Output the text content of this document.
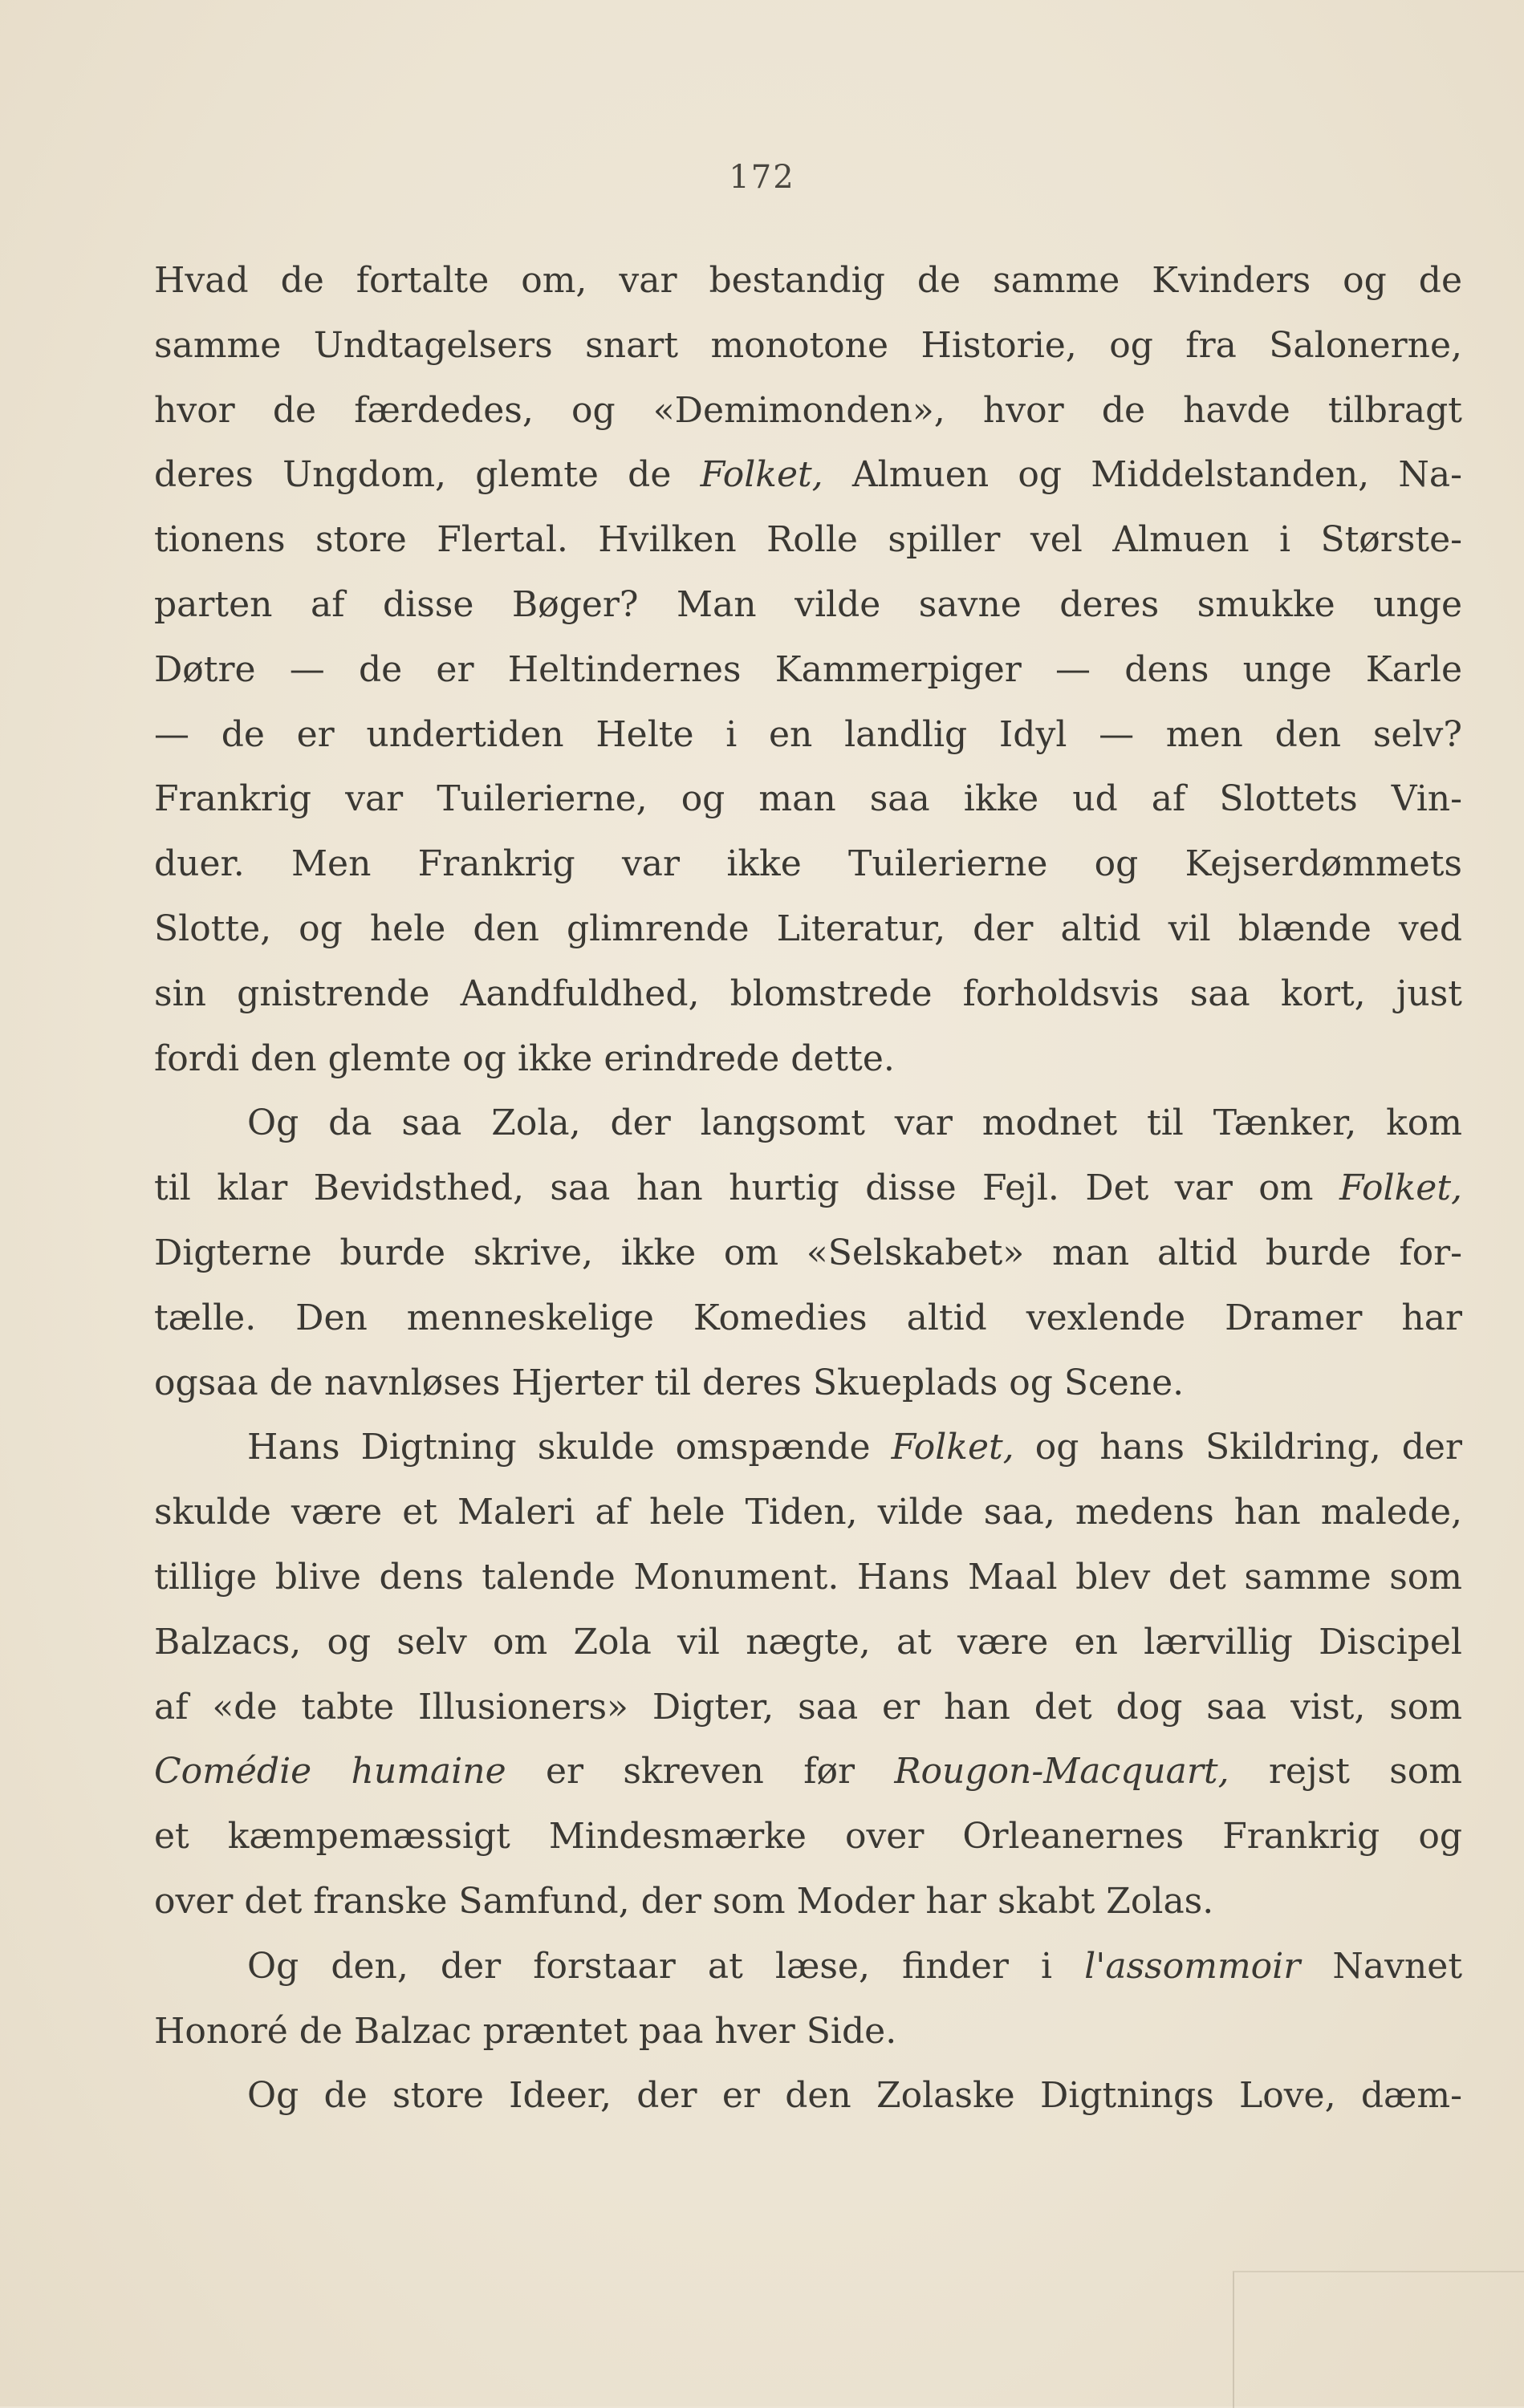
172
Hvad de fortalte om, var bestandig de samme Kvinders og de
samme Undtagelsers snart monotone Historie, og fra Salonerne,
hvor de færdedes, og «Demimonden», hvor de havde tilbragt
deres Ungdom, glemte de Folket, Almuen og Middelstanden, Na-
tionens store Flertal. Hvilken Rolle spiller vel Almuen i Største-
parten af disse Bøger? Man vilde savne deres smukke unge
Døtre — de er Heltindernes Kammerpiger — dens unge Karle
— de er undertiden Helte i en landlig Idyl — men den selv?
Frankrig var Tuilerierne, og man saa ikke ud af Slottets Vin-
duer. Men Frankrig var ikke Tuilerierne og Kejserdømmets
Slotte, og hele den glimrende Literatur, der altid vil blænde ved
sin gnistrende Aandfuldhed, blomstrede forholdsvis saa kort, just
fordi den glemte og ikke erindrede dette.
Og da saa Zola, der langsomt var modnet til Tænker, kom
til klar Bevidsthed, saa han hurtig disse Fejl. Det var om Folket,
Digterne burde skrive, ikke om «Selskabet» man altid burde for-
tælle. Den menneskelige Komedies altid vexlende Dramer har
ogsaa de navnløses Hjerter til deres Skueplads og Scene.
Hans Digtning skulde omspænde Folket, og hans Skildring, der
skulde være et Maleri af hele Tiden, vilde saa, medens han malede,
tillige blive dens talende Monument. Hans Maal blev det samme som
Balzacs, og selv om Zola vil nægte, at være en lærvillig Discipel
af «de tabte Illusioners» Digter, saa er han det dog saa vist, som
Comédie humaine er skreven før Rougon-Macquart, rejst som
et kæmpemæssigt Mindesmærke over Orleanernes Frankrig og
over det franske Samfund, der som Moder har skabt Zolas.
Og den, der forstaar at læse, finder i l'assommoir Navnet
Honoré de Balzac præntet paa hver Side.
Og de store Ideer, der er den Zolaske Digtnings Love, dæm-
